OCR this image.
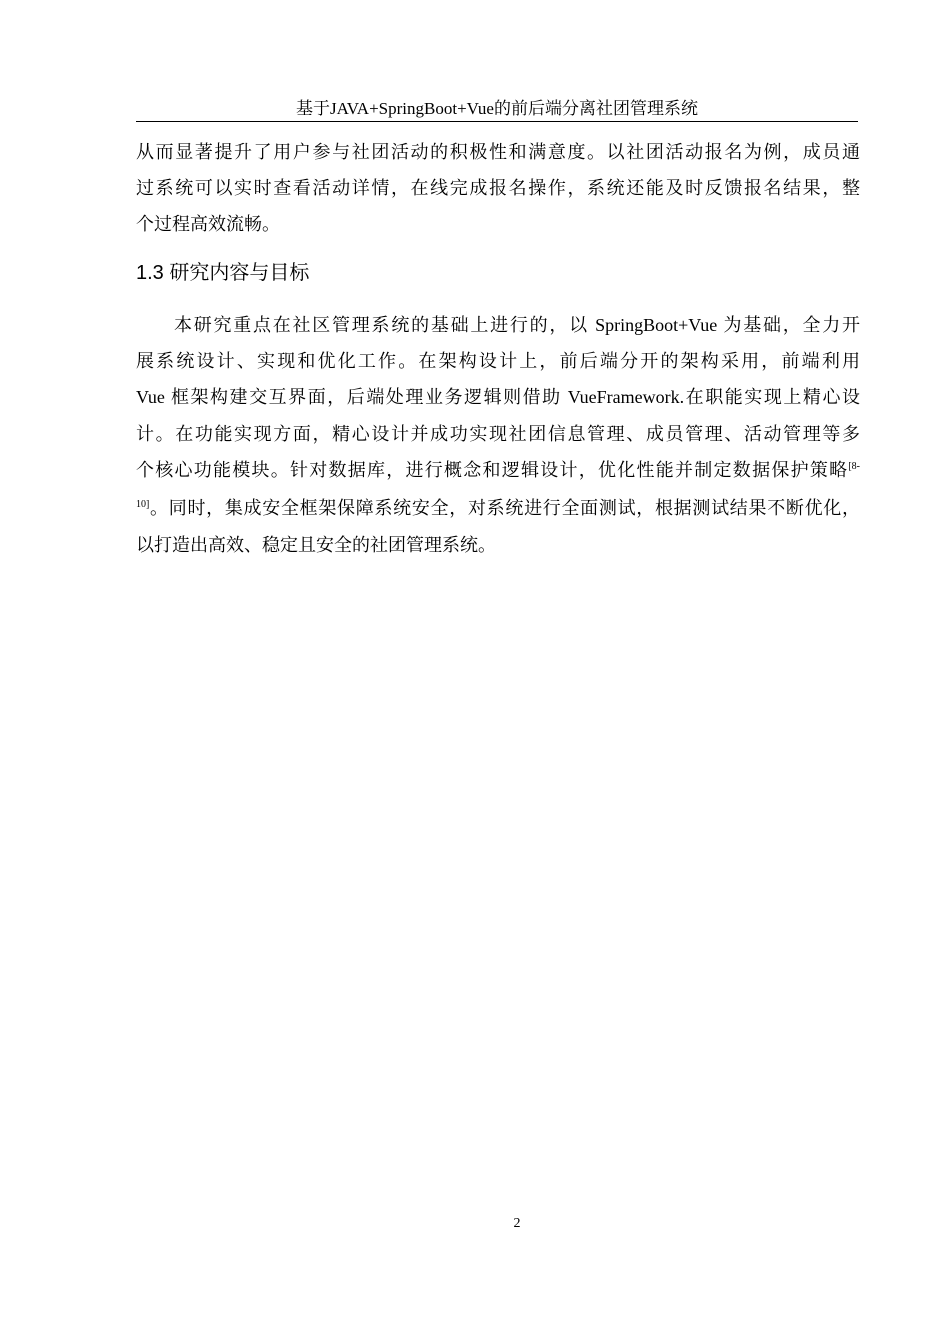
基于JAVA+SpringBoot+Vue的前后端分离社团管理系统
从而显著提升了用户参与社团活动的积极性和满意度。以社团活动报名为例，成员通
过系统可以实时查看活动详情，在线完成报名操作，系统还能及时反馈报名结果，整
个过程高效流畅。
1.3 研究内容与目标
本研究重点在社区管理系统的基础上进行的，以 SpringBoot+Vue 为基础，全力开
展系统设计、实现和优化工作。在架构设计上，前后端分开的架构采用，前端利用
Vue 框架构建交互界面，后端处理业务逻辑则借助 VueFramework.在职能实现上精心设
计。在功能实现方面，精心设计并成功实现社团信息管理、成员管理、活动管理等多
个核心功能模块。针对数据库，进行概念和逻辑设计，优化性能并制定数据保护策略$^{[8-}$
$^{10]}$。同时，集成安全框架保障系统安全，对系统进行全面测试，根据测试结果不断优化，
以打造出高效、稳定且安全的社团管理系统。
2
